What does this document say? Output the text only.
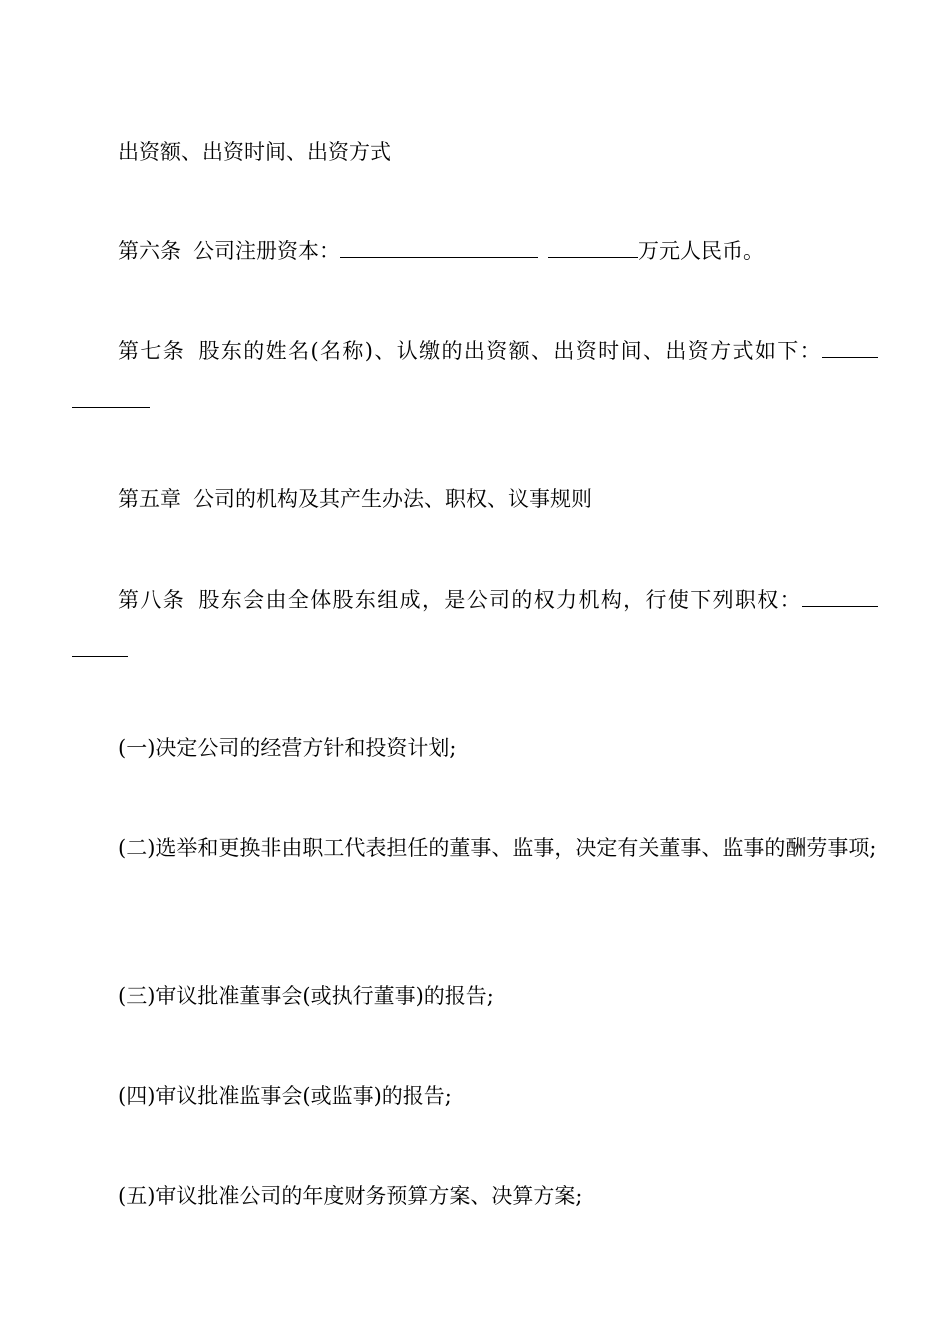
出资额、出资时间、出资方式
第六条 公司注册资本：	万元人民币。
第七条 股东的姓名(名称)、认缴的出资额、出资时间、出资方式如下：
第五章 公司的机构及其产生办法、职权、议事规则
第八条 股东会由全体股东组成，是公司的权力机构，行使下列职权：
(一)决定公司的经营方针和投资计划;
(二)选举和更换非由职工代表担任的董事、监事，决定有关董事、监事的酬劳事项;
(三)审议批准董事会(或执行董事)的报告;
(四)审议批准监事会(或监事)的报告;
(五)审议批准公司的年度财务预算方案、决算方案;
